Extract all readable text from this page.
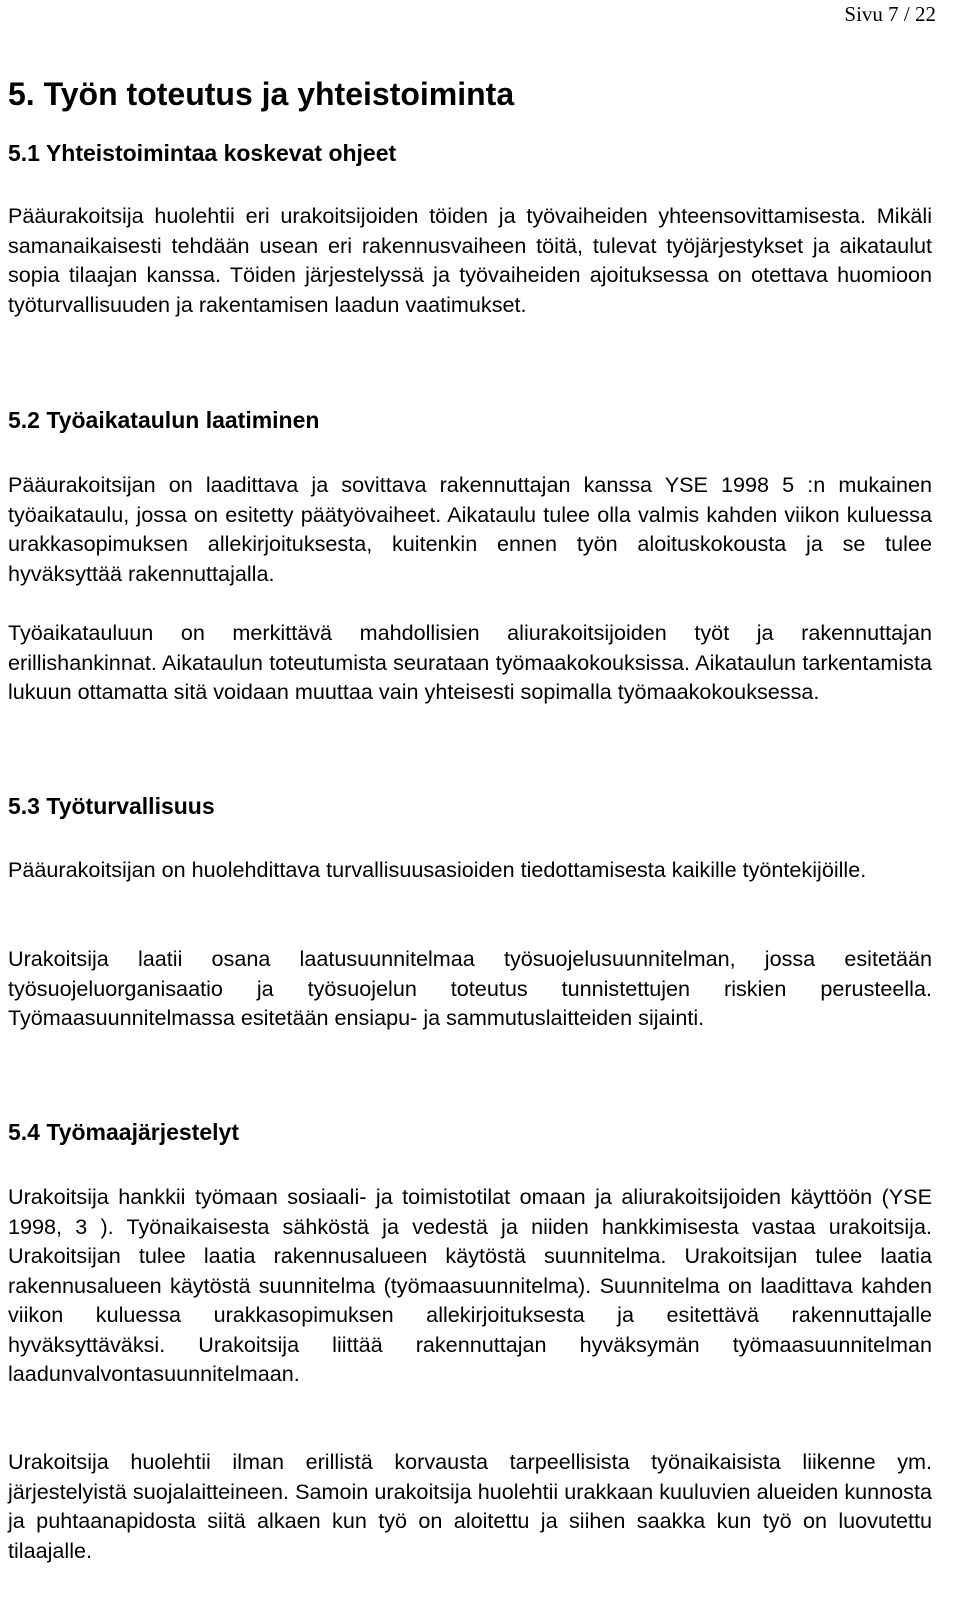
Sivu 7 / 22
5. Työn toteutus ja yhteistoiminta
5.1 Yhteistoimintaa koskevat ohjeet

Pääurakoitsija huolehtii eri urakoitsijoiden töiden ja työvaiheiden yhteensovittamisesta. Mikäli samanaikaisesti tehdään usean eri rakennusvaiheen töitä, tulevat työjärjestykset ja aikataulut sopia tilaajan kanssa. Töiden järjestelyssä ja työvaiheiden ajoituksessa on otettava huomioon työturvallisuuden ja rakentamisen laadun vaatimukset.

5.2 Työaikataulun laatiminen

Pääurakoitsijan on laadittava ja sovittava rakennuttajan kanssa YSE 1998 5 :n mukainen työaikataulu, jossa on esitetty päätyövaiheet. Aikataulu tulee olla valmis kahden viikon kuluessa urakkasopimuksen allekirjoituksesta, kuitenkin ennen työn aloituskokousta ja se tulee hyväksyttää rakennuttajalla.

Työaikatauluun on merkittävä mahdollisien aliurakoitsijoiden työt ja rakennuttajan erillishankinnat. Aikataulun toteutumista seurataan työmaakokouksissa. Aikataulun tarkentamista lukuun ottamatta sitä voidaan muuttaa vain yhteisesti sopimalla työmaakokouksessa.

5.3 Työturvallisuus

Pääurakoitsijan on huolehdittava turvallisuusasioiden tiedottamisesta kaikille työntekijöille.

Urakoitsija laatii osana laatusuunnitelmaa työsuojelusuunnitelman, jossa esitetään työsuojeluorganisaatio ja työsuojelun toteutus tunnistettujen riskien perusteella. Työmaasuunnitelmassa esitetään ensiapu- ja sammutuslaitteiden sijainti.

5.4 Työmaajärjestelyt

Urakoitsija hankkii työmaan sosiaali- ja toimistotilat omaan ja aliurakoitsijoiden käyttöön (YSE 1998, 3 ). Työnaikaisesta sähköstä ja vedestä ja niiden hankkimisesta vastaa urakoitsija. Urakoitsijan tulee laatia rakennusalueen käytöstä suunnitelma. Urakoitsijan tulee laatia rakennusalueen käytöstä suunnitelma (työmaasuunnitelma). Suunnitelma on laadittava kahden viikon kuluessa urakkasopimuksen allekirjoituksesta ja esitettävä rakennuttajalle hyväksyttäväksi. Urakoitsija liittää rakennuttajan hyväksymän työmaasuunnitelman laadunvalvontasuunnitelmaan.

Urakoitsija huolehtii ilman erillistä korvausta tarpeellisista työnaikaisista liikenne ym. järjestelyistä suojalaitteineen. Samoin urakoitsija huolehtii urakkaan kuuluvien alueiden kunnosta ja puhtaanapidosta siitä alkaen kun työ on aloitettu ja siihen saakka kun työ on luovutettu tilaajalle.
